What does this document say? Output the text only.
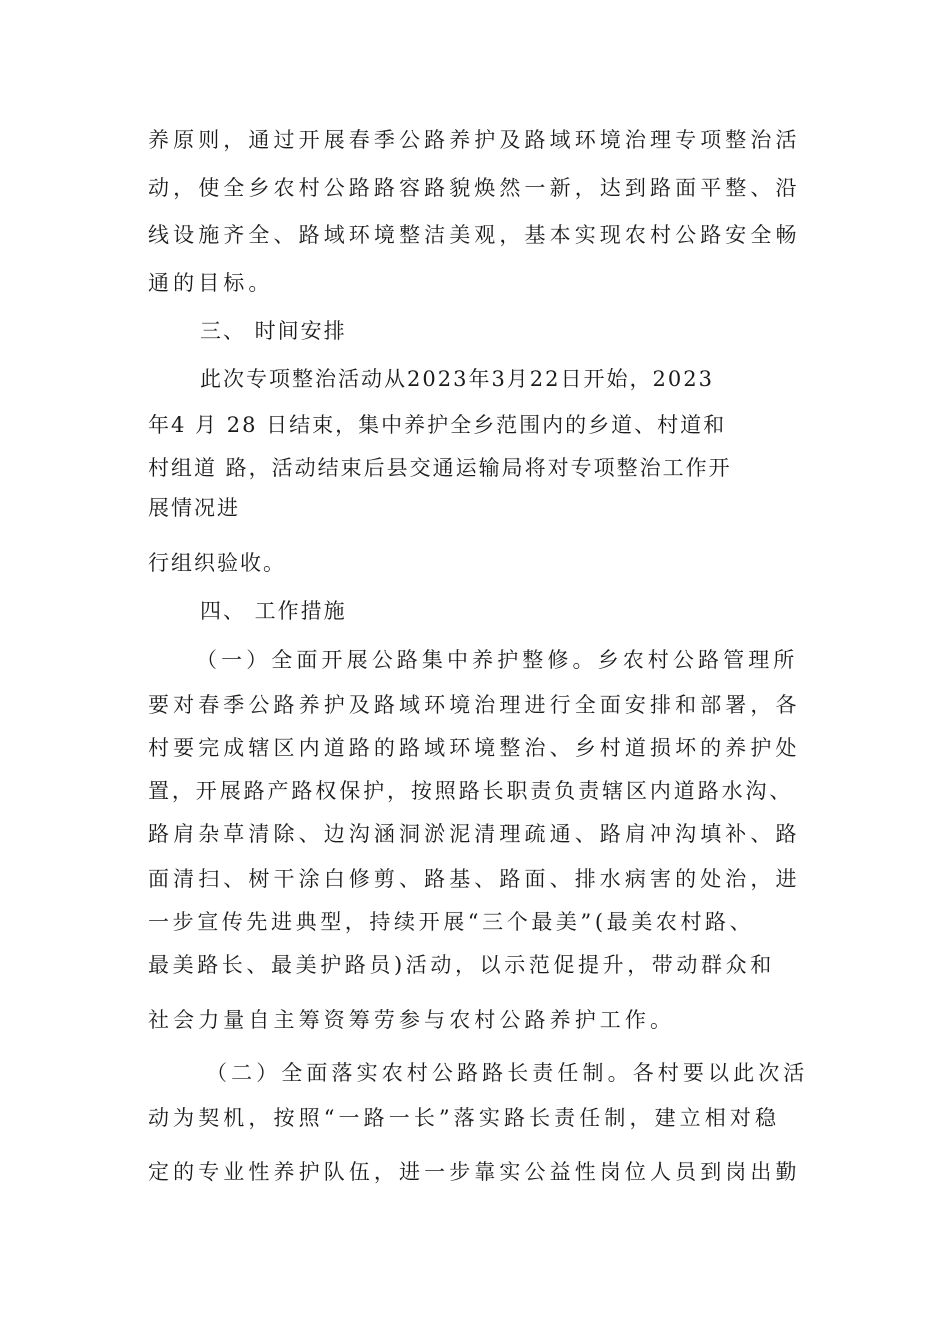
养原则，通过开展春季公路养护及路域环境治理专项整治活
动，使全乡农村公路路容路貌焕然一新，达到路面平整、沿
线设施齐全、路域环境整洁美观，基本实现农村公路安全畅
通的目标。
三、 时间安排
此次专项整治活动从2023年3月22日开始，2023
年4 月 28 日结束，集中养护全乡范围内的乡道、村道和
村组道 路，活动结束后县交通运输局将对专项整治工作开
展情况进
行组织验收。
四、 工作措施
（一）全面开展公路集中养护整修。乡农村公路管理所
要对春季公路养护及路域环境治理进行全面安排和部署，各
村要完成辖区内道路的路域环境整治、乡村道损坏的养护处
置，开展路产路权保护，按照路长职责负责辖区内道路水沟、
路肩杂草清除、边沟涵洞淤泥清理疏通、路肩冲沟填补、路
面清扫、树干涂白修剪、路基、路面、排水病害的处治，进
一步宣传先进典型，持续开展“三个最美”(最美农村路、
最美路长、最美护路员)活动，以示范促提升，带动群众和
社会力量自主筹资筹劳参与农村公路养护工作。
（二）全面落实农村公路路长责任制。各村要以此次活
动为契机，按照“一路一长”落实路长责任制，建立相对稳
定的专业性养护队伍，进一步靠实公益性岗位人员到岗出勤
